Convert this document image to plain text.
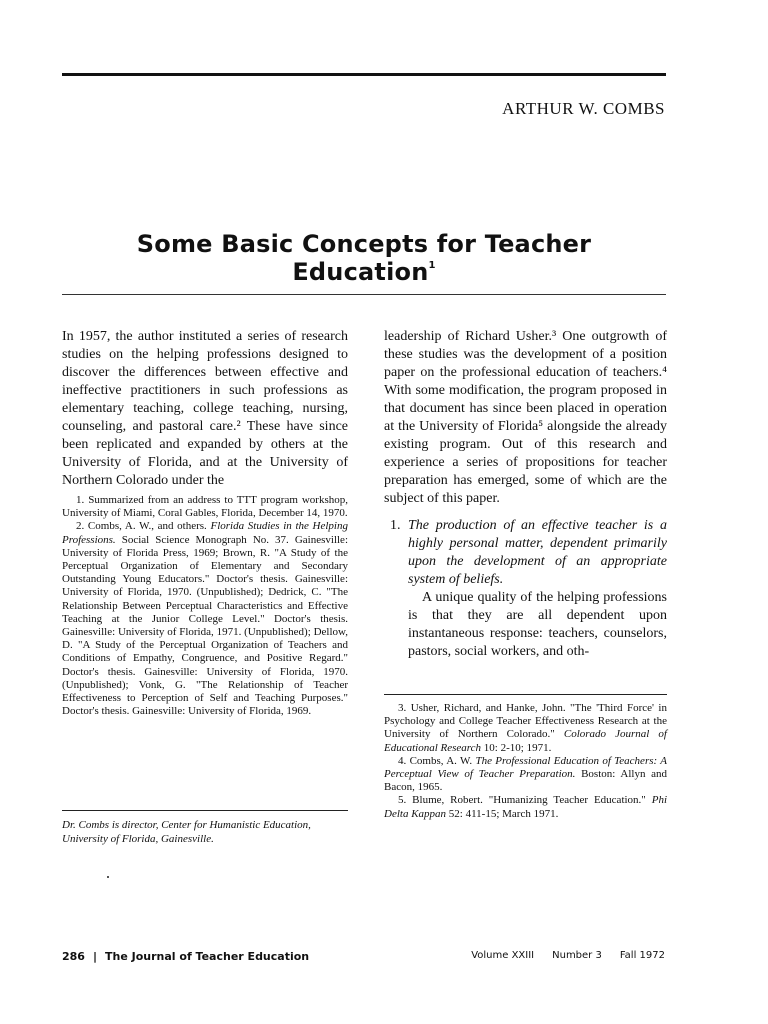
ARTHUR W. COMBS
Some Basic Concepts for Teacher Education$^1$

In 1957, the author instituted a series of research studies on the helping professions designed to discover the differences between effective and ineffective practitioners in such professions as elementary teaching, college teaching, nursing, counseling, and pastoral care.² These have since been replicated and expanded by others at the University of Florida, and at the University of Northern Colorado under the

1. Summarized from an address to TTT program workshop, University of Miami, Coral Gables, Florida, December 14, 1970.

2. Combs, A. W., and others. Florida Studies in the Helping Professions. Social Science Monograph No. 37. Gainesville: University of Florida Press, 1969; Brown, R. "A Study of the Perceptual Organization of Elementary and Secondary Outstanding Young Educators." Doctor's thesis. Gainesville: University of Florida, 1970. (Unpublished); Dedrick, C. "The Relationship Between Perceptual Characteristics and Effective Teaching at the Junior College Level." Doctor's thesis. Gainesville: University of Florida, 1971. (Unpublished); Dellow, D. "A Study of the Perceptual Organization of Teachers and Conditions of Empathy, Congruence, and Positive Regard." Doctor's thesis. Gainesville: University of Florida, 1970. (Unpublished); Vonk, G. "The Relationship of Teacher Effectiveness to Perception of Self and Teaching Purposes." Doctor's thesis. Gainesville: University of Florida, 1969.

Dr. Combs is director, Center for Humanistic Education, University of Florida, Gainesville.

leadership of Richard Usher.³ One outgrowth of these studies was the development of a position paper on the professional education of teachers.⁴ With some modification, the program proposed in that document has since been placed in operation at the University of Florida⁵ alongside the already existing program. Out of this research and experience a series of propositions for teacher preparation has emerged, some of which are the subject of this paper.

1. The production of an effective teacher is a highly personal matter, dependent primarily upon the development of an appropriate system of beliefs.

A unique quality of the helping professions is that they are all dependent upon instantaneous response: teachers, counselors, pastors, social workers, and oth-

3. Usher, Richard, and Hanke, John. "The 'Third Force' in Psychology and College Teacher Effectiveness Research at the University of Northern Colorado." Colorado Journal of Educational Research 10: 2-10; 1971.

4. Combs, A. W. The Professional Education of Teachers: A Perceptual View of Teacher Preparation. Boston: Allyn and Bacon, 1965.

5. Blume, Robert. "Humanizing Teacher Education." Phi Delta Kappan 52: 411-15; March 1971.

286 | The Journal of Teacher Education	Volume XXIII Number 3 Fall 1972
